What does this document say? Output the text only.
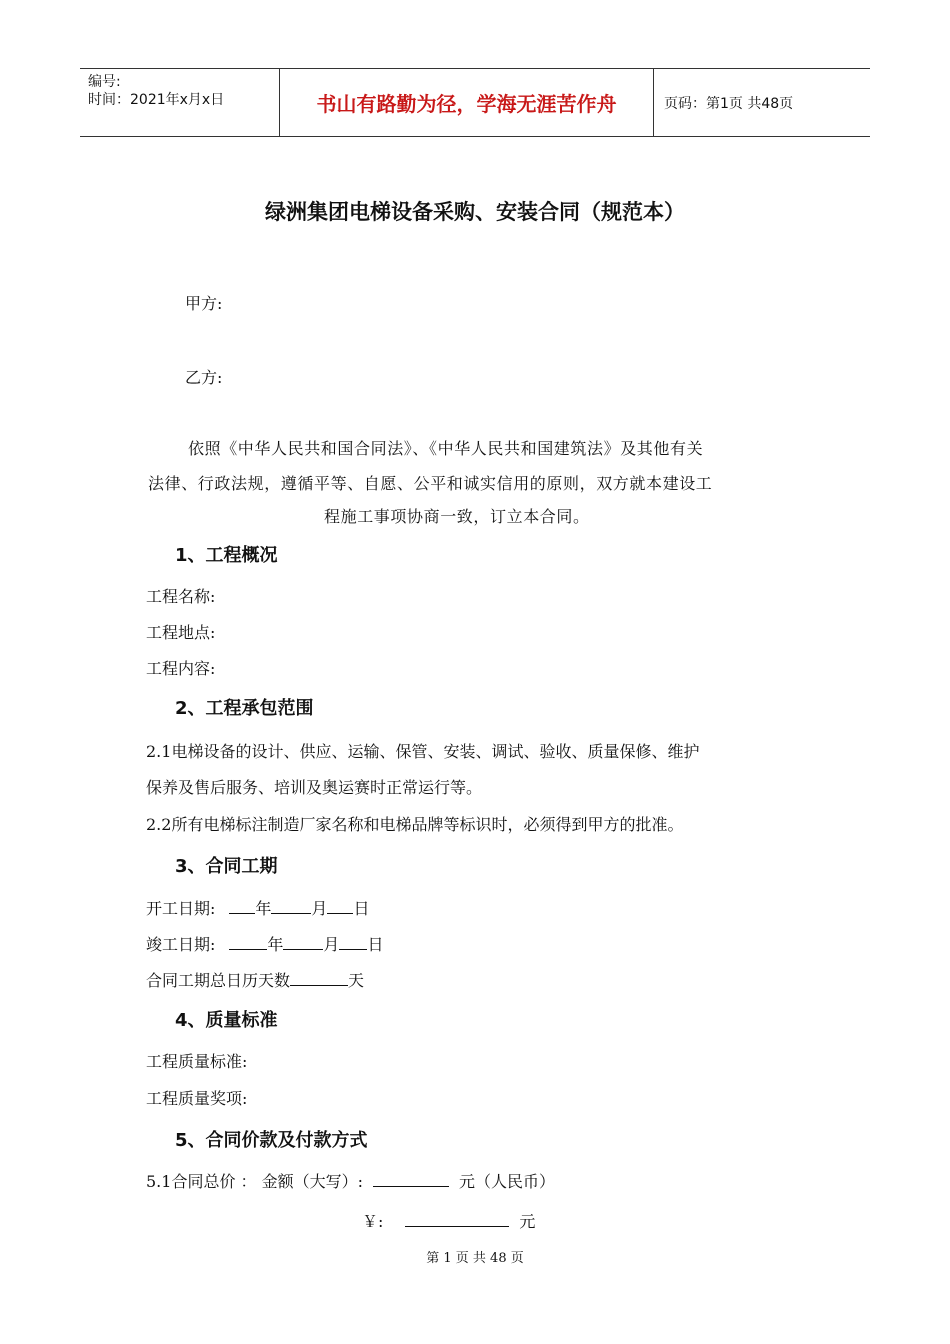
编号:
时间：2021年x月x日	书山有路勤为径，学海无涯苦作舟	页码：第1页 共48页
绿洲集团电梯设备采购、安装合同（规范本）
甲方:
乙方:
依照《中华人民共和国合同法》、《中华人民共和国建筑法》及其他有关
法律、行政法规，遵循平等、自愿、公平和诚实信用的原则，双方就本建设工
程施工事项协商一致，订立本合同。
1、工程概况
工程名称:
工程地点:
工程内容:
2、工程承包范围
2.1电梯设备的设计、供应、运输、保管、安装、调试、验收、质量保修、维护
保养及售后服务、培训及奥运赛时正常运行等。
2.2所有电梯标注制造厂家名称和电梯品牌等标识时，必须得到甲方的批准。
3、合同工期
开工日期:	年	月 日
竣工日期:	年	月 日
合同工期总日历天数	天
4、质量标准
工程质量标准:
工程质量奖项:
5、合同价款及付款方式
5.1合同总价 ： 金额（大写）:	元（人民币）
￥:	元
第 1 页 共 48 页
